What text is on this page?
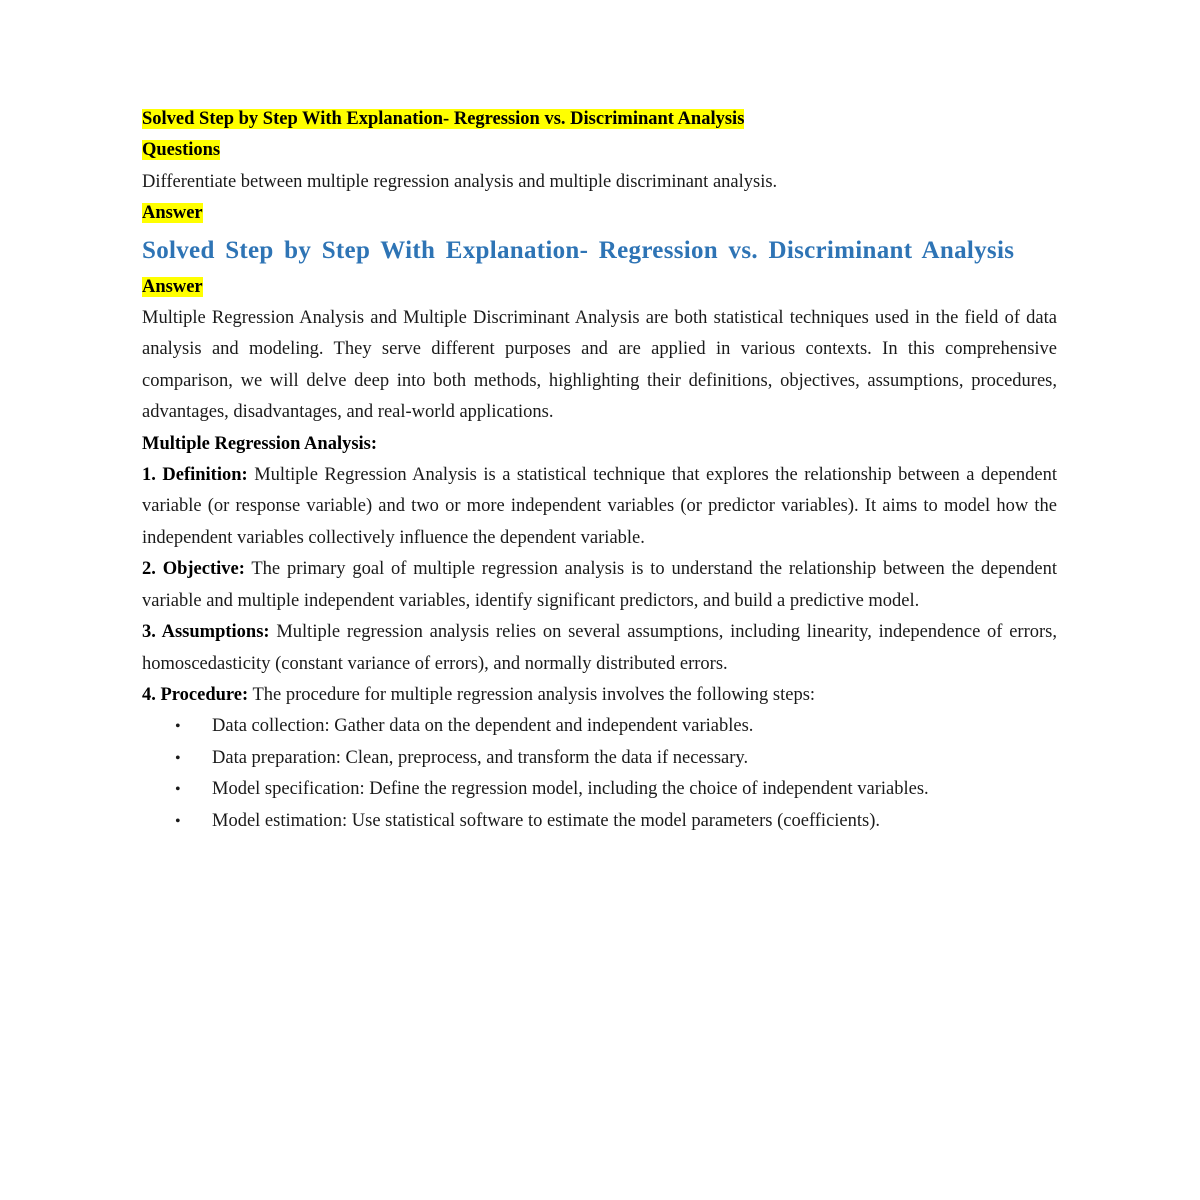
Solved Step by Step With Explanation- Regression vs. Discriminant Analysis

Questions

Differentiate between multiple regression analysis and multiple discriminant analysis.

Answer

Solved Step by Step With Explanation- Regression vs. Discriminant Analysis

Answer

Multiple Regression Analysis and Multiple Discriminant Analysis are both statistical techniques used in the field of data analysis and modeling. They serve different purposes and are applied in various contexts. In this comprehensive comparison, we will delve deep into both methods, highlighting their definitions, objectives, assumptions, procedures, advantages, disadvantages, and real-world applications.

Multiple Regression Analysis:

1. Definition: Multiple Regression Analysis is a statistical technique that explores the relationship between a dependent variable (or response variable) and two or more independent variables (or predictor variables). It aims to model how the independent variables collectively influence the dependent variable.

2. Objective: The primary goal of multiple regression analysis is to understand the relationship between the dependent variable and multiple independent variables, identify significant predictors, and build a predictive model.

3. Assumptions: Multiple regression analysis relies on several assumptions, including linearity, independence of errors, homoscedasticity (constant variance of errors), and normally distributed errors.

4. Procedure: The procedure for multiple regression analysis involves the following steps:

• Data collection: Gather data on the dependent and independent variables.
• Data preparation: Clean, preprocess, and transform the data if necessary.
• Model specification: Define the regression model, including the choice of independent variables.
• Model estimation: Use statistical software to estimate the model parameters (coefficients).
